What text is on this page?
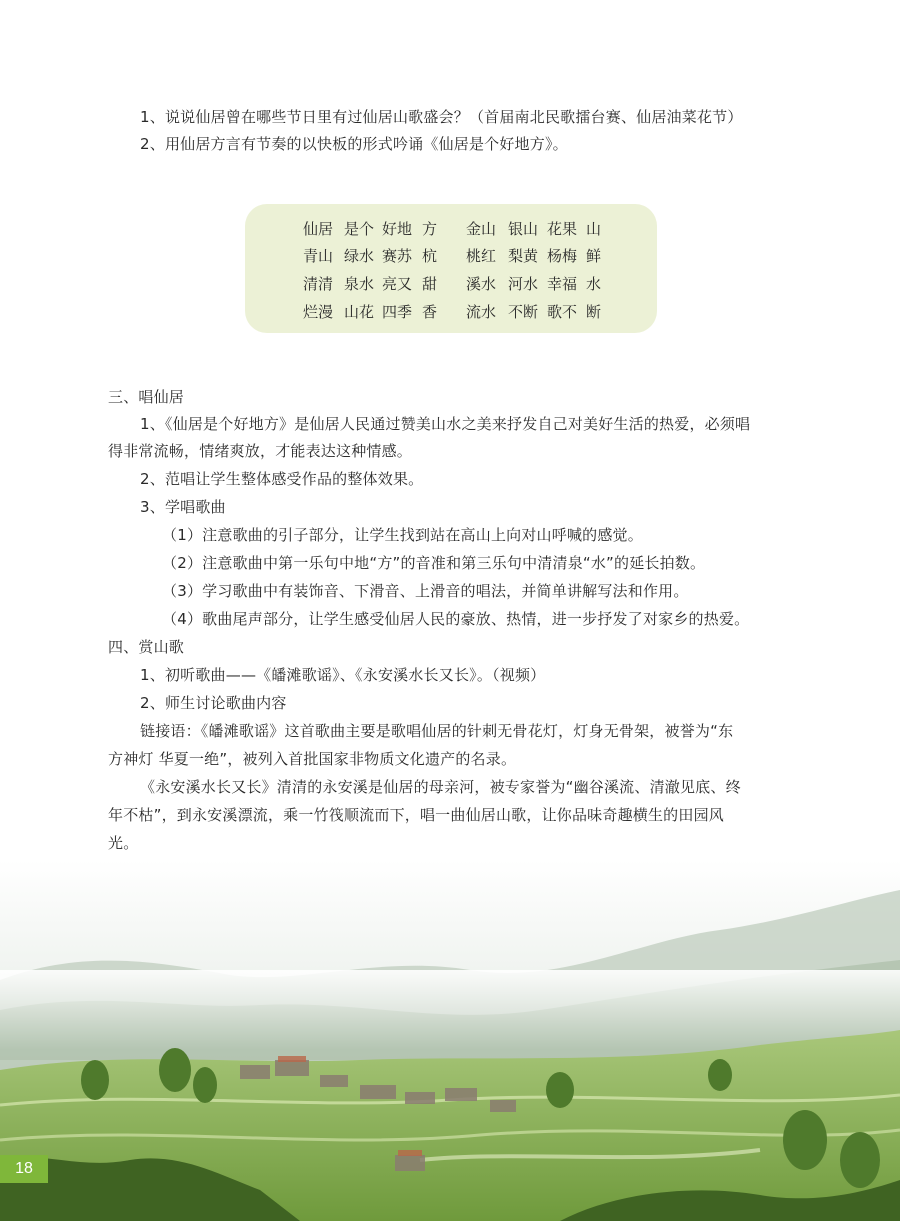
1、说说仙居曾在哪些节日里有过仙居山歌盛会？（首届南北民歌擂台赛、仙居油菜花节）
2、用仙居方言有节奏的以快板的形式吟诵《仙居是个好地方》。
仙居 是个 好地 方 金山 银山 花果 山
青山 绿水 赛苏 杭 桃红 梨黄 杨梅 鲜
清清 泉水 亮又 甜 溪水 河水 幸福 水
烂漫 山花 四季 香 流水 不断 歌不 断
三、唱仙居
1、《仙居是个好地方》是仙居人民通过赞美山水之美来抒发自己对美好生活的热爱，必须唱
得非常流畅，情绪爽放，才能表达这种情感。
2、范唱让学生整体感受作品的整体效果。
3、学唱歌曲
（1）注意歌曲的引子部分，让学生找到站在高山上向对山呼喊的感觉。
（2）注意歌曲中第一乐句中地“方”的音准和第三乐句中清清泉“水”的延长拍数。
（3）学习歌曲中有装饰音、下滑音、上滑音的唱法，并简单讲解写法和作用。
（4）歌曲尾声部分，让学生感受仙居人民的豪放、热情，进一步抒发了对家乡的热爱。
四、赏山歌
1、初听歌曲——《皤滩歌谣》、《永安溪水长又长》。（视频）
2、师生讨论歌曲内容
链接语：《皤滩歌谣》这首歌曲主要是歌唱仙居的针刺无骨花灯，灯身无骨架，被誉为“东
方神灯 华夏一绝”，被列入首批国家非物质文化遗产的名录。
《永安溪水长又长》清清的永安溪是仙居的母亲河，被专家誉为“幽谷溪流、清澈见底、终
年不枯”，到永安溪漂流，乘一竹筏顺流而下，唱一曲仙居山歌，让你品味奇趣横生的田园风
光。
18
